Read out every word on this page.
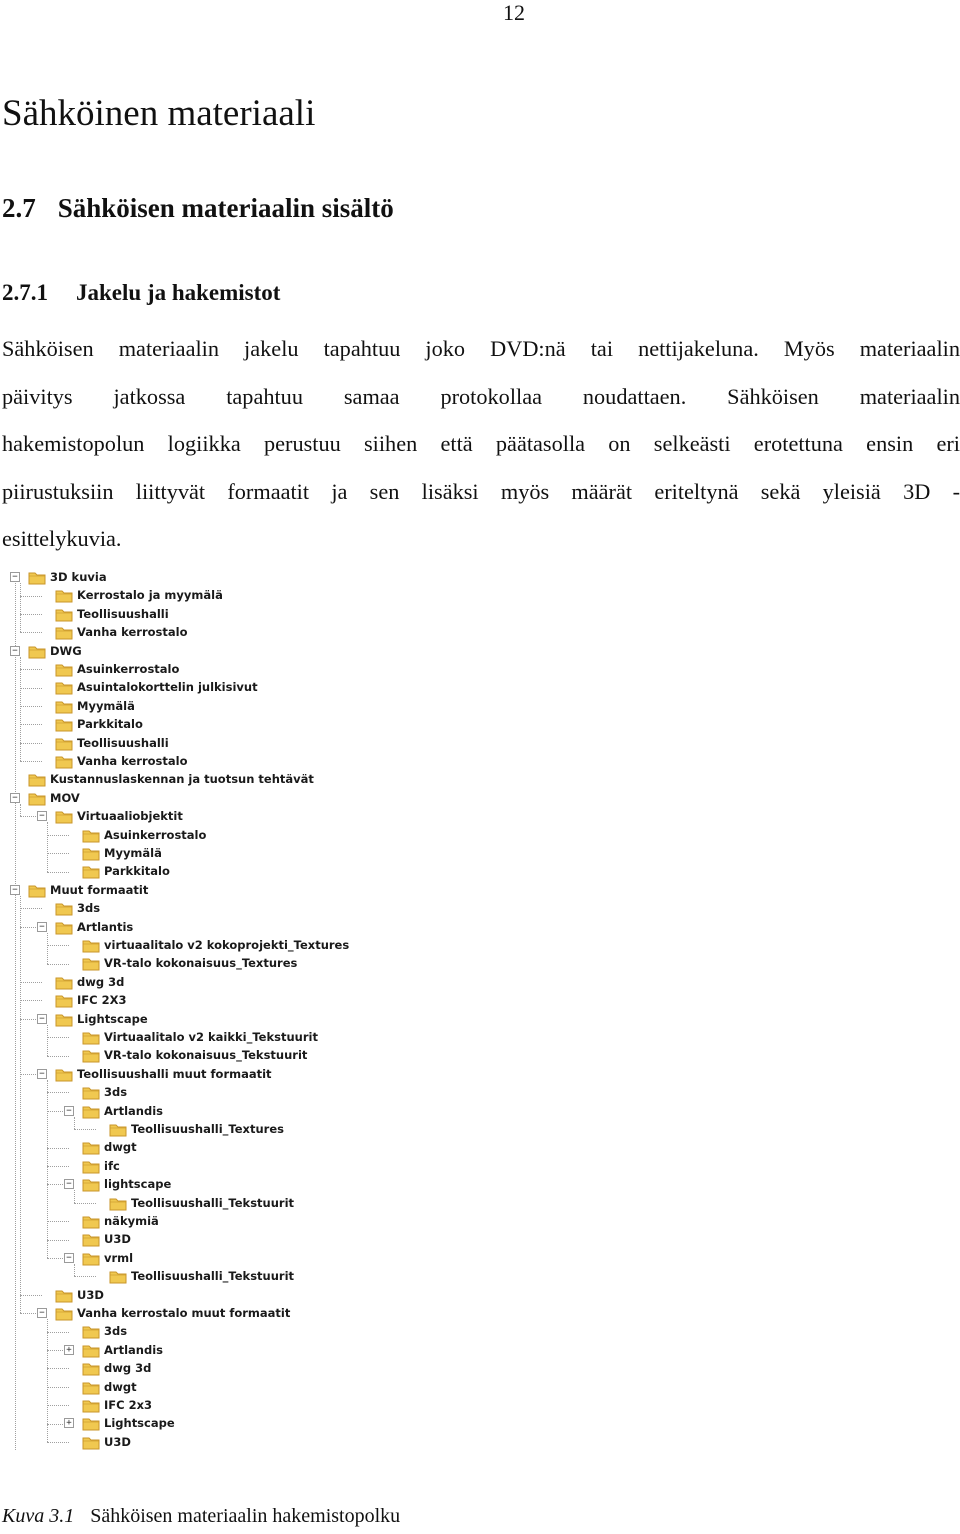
12
Sähköinen materiaali
2.7 Sähköisen materiaalin sisältö
2.7.1 Jakelu ja hakemistot

Sähköisen materiaalin jakelu tapahtuu joko DVD:nä tai nettijakeluna. Myös materiaalin
päivitys jatkossa tapahtuu samaa protokollaa noudattaen. Sähköisen materiaalin
hakemistopolun logiikka perustuu siihen että päätasolla on selkeästi erotettuna ensin eri
piirustuksiin liittyvät formaatit ja sen lisäksi myös määrät eriteltynä sekä yleisiä 3D -
esittelykuvia.

−	3D kuvia
Kerrostalo ja myymälä
Teollisuushalli
Vanha kerrostalo
−	DWG
Asuinkerrostalo
Asuintalokorttelin julkisivut
Myymälä
Parkkitalo
Teollisuushalli
Vanha kerrostalo
Kustannuslaskennan ja tuotsun tehtävät
−	MOV
−	Virtuaaliobjektit
Asuinkerrostalo
Myymälä
Parkkitalo
−	Muut formaatit
3ds
−	Artlantis
virtuaalitalo v2 kokoprojekti_Textures
VR-talo kokonaisuus_Textures
dwg 3d
IFC 2X3
−	Lightscape
Virtuaalitalo v2 kaikki_Tekstuurit
VR-talo kokonaisuus_Tekstuurit
−	Teollisuushalli muut formaatit
3ds
−	Artlandis
Teollisuushalli_Textures
dwgt
ifc
−	lightscape
Teollisuushalli_Tekstuurit
näkymiä
U3D
−	vrml
Teollisuushalli_Tekstuurit
U3D
−	Vanha kerrostalo muut formaatit
3ds
+	Artlandis
dwg 3d
dwgt
IFC 2x3
+	Lightscape
U3D

Kuva 3.1 Sähköisen materiaalin hakemistopolku
